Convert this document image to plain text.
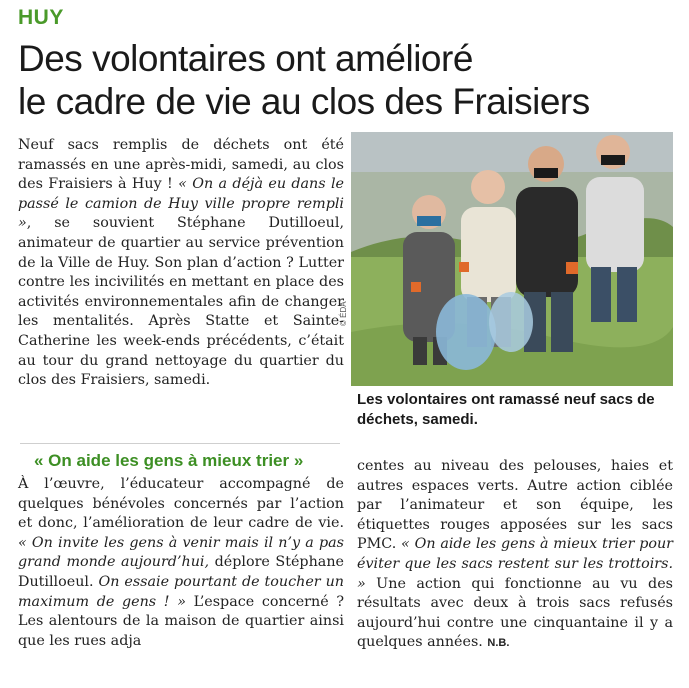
HUY
Des volontaires ont amélioré
le cadre de vie au clos des Fraisiers

Neuf sacs remplis de déchets ont été ramassés en une après-midi, samedi, au clos des Fraisiers à Huy ! « On a déjà eu dans le passé le camion de Huy ville propre rempli », se souvient Stéphane Dutilloeul, animateur de quartier au service prévention de la Ville de Huy. Son plan d’action ? Lutter contre les incivilités en mettant en place des activités environnementales afin de changer les mentalités. Après Statte et Sainte-Catherine les week-ends précédents, c’était au tour du grand nettoyage du quartier du clos des Fraisiers, samedi.

© ÉDA
Les volontaires ont ramassé neuf sacs de déchets, samedi.
« On aide les gens à mieux trier »

À l’œuvre, l’éducateur accompagné de quelques bénévoles concernés par l’action et donc, l’amélioration de leur cadre de vie. « On invite les gens à venir mais il n’y a pas grand monde aujourd’hui, déplore Stéphane Dutilloeul. On essaie pourtant de toucher un maximum de gens ! » L’espace concerné ? Les alentours de la maison de quartier ainsi que les rues adja

centes au niveau des pelouses, haies et autres espaces verts. Autre action ciblée par l’animateur et son équipe, les étiquettes rouges apposées sur les sacs PMC. « On aide les gens à mieux trier pour éviter que les sacs restent sur les trottoirs. » Une action qui fonctionne au vu des résultats avec deux à trois sacs refusés aujourd’hui contre une cinquantaine il y a quelques années. N.B.
